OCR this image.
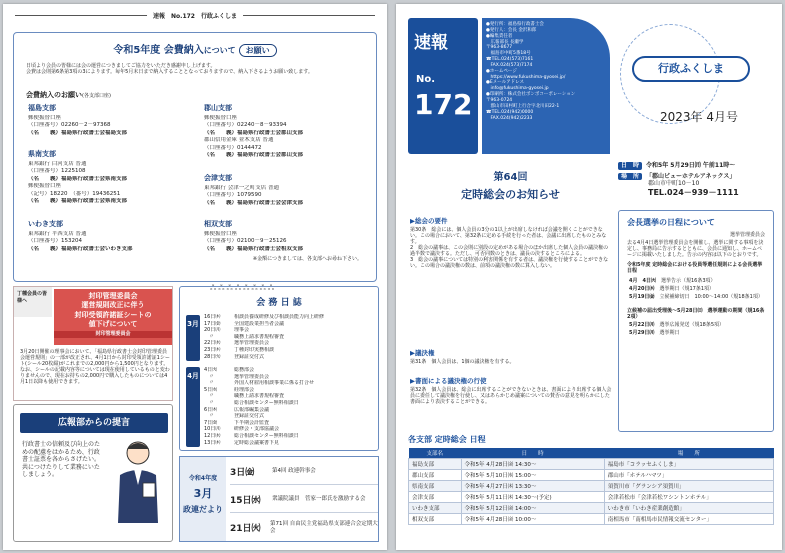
速報　No.172　行政ふくしま
令和5年度 会費納入について お願い
日頃より会員の皆様には会の運営につきましてご協力をいただき感謝申し上げます。
会費は会則第6条第3項の3によります。毎年5月末日まで納入することとなっておりますので、納入下さるようお願い致します。
会費納入のお願い(各支部口座)
福島支部
郵便振替口座
（口座番号）02260－2－97368
（名　　義）福島県行政書士会福島支部
郡山支部
郵便振替口座
（口座番号）02240－8－93394
（名　　義）福島県行政書士会郡山支部
郡山信用金庫 並木支店 普通
（口座番号）0144472
（名　　義）福島県行政書士会郡山支部
県南支部
東邦銀行 白河支店 普通
（口座番号）1225108
（名　　義）福島県行政書士会県南支部
郵便振替口座
（記号）18220　（番号）19436251
（名　　義）福島県行政書士会県南支部
会津支部
東邦銀行 会津一之町支店 普通
（口座番号）1079590
（名　　義）福島県行政書士会会津支部
いわき支部
東邦銀行 平西支店 普通
（口座番号）153204
（名　　義）福島県行政書士会いわき支部
相双支部
郵便振替口座
（口座番号）02100－9－25126
（名　　義）福島県行政書士会相双支部
※金額につきましては、各支部へお尋ね下さい。
丁種会員の皆様へ
封印管理委員会
運営規則改正に伴う
封印受領許諾証シートの
値下げについて
封印管理委員会
3月20日開催の理事会において、「福島県行政書士会封印管理委員会運営規則」の一部が改正され、4月1日から封印受領許諾証1シート(シール20枚綴)がこれまでの2,000円から1,500円となります。なお、シールの記載内容等については現在使用しているものと変わりませんので、現在お持ちの2,000円で購入したものについては4月1日以降も使用できます。
広報部からの提言
行政書士の信頼及び向上のための配慮をはかるため、行政書士証票を各からさげたい。共につけたりして業務にいたしましょう。
ஃஃஃஃஃஃஃஃ
会 務 日 誌
3月
16日㈭	相談員養成研修及び相談員能力向上研修
17日㈮	全国建設業担当者会議
20日㈪	理事会
　〃	職務上請求書規程審査
22日㈬	選挙管理委員会
23日㈭	丁種封印実務相談
28日㈫	登録証交付式
4月
4日㈫	総務部会
　〃	選挙管理委員会
　〃	外国人材雇用相談事業に係る打合せ
5日㈬	経理部会
　〃	職務上請求書規程審査
　〃	総合相談センター無料相談日
6日㈭	広報部編集会議
　〃	登録証交付式
7日㈮	下半期会計監査
10日㈪	研修会・支部協議会
12日㈬	総合相談センター無料相談日
13日㈭	定時総会議案書下見
令和4年度
3月
政連だより
3日㈮	第4回 政連幹事会
15日㈬	衆議院議員　菅家一郎氏を激励する会
21日㈫
第71回 自由民主党福島県支部連合会定期大会
速報
No.
172
●発行所：福島県行政書士会
●発行人：会長 金沢和郎
●編集責任者
　広報部長 長瀬学
〒963-8677
　福島市中町5番18号
☎TEL.024(573)7161
　FAX.024(573)7174
●ホームページ
　https://www.fukushima-gyosei.jp/
●Eメールアドレス
　info@fukushima-gyosei.jp
●印刷所：株式会社ボンボコーポレーション
〒963-0724
　郡山市田村町上行合字北川田22-1
☎TEL.024(942)0000
　FAX.024(942)2233
行政ふくしま
2023年 4月号
第64回
定時総会のお知らせ
日　時 令和5年 5月29日㈪ 午前11時～
場　所 「郡山ビューホテルアネックス」
郡山市中町10－10
TEL.024－939－1111
▶総会の要件
第30条　総会には、個人会員の3分の1以上が出席しなければ会議を開くことができない。この場合において、第32条に定める手続を行った者は、会議に出席したものとみなす。
2　総会の議事は、この会則に別段の定めがある場合のほか出席した個人会員の議決権の過半数で議決する。ただし、可否同数のときは、議長の決するところによる。
3　総会の議事については特別の利害関係を有する者は、議決権を行使することができない。この場合の議決権の数は、前項の議決権の数に算入しない。
▶議決権
第31条　個人会員は、1個の議決権を有する。
▶書面による議決権の行使
第32条　個人会員は、総会に出席することができないときは、書面により出席する個人会員に委任して議決権を行使し、又はあらかじめ議案についての賛否の意見を明らかにした書面により表決することができる。
会長選挙の日程について
選挙管理委員会
去る4月4日選挙管理委員会を開催し、選挙に関する事項を決定し、事務局に告示するとともに、会員に通知し、ホームページに掲載いたしました。告示の内容は以下のとおりです。
令和5年度 定時総会における役員等選任規則による会長選挙日程
4月　4日㈫　 選挙告示（規16条3項）
4月20日㈭　 選挙期日（規17条1項）
5月19日㈮　 立候補締切日　10:00～14:00（規18条1項）
立候補の届出受理後～5月28日㈰　選挙運動の期間（規16条2項）
5月22日㈪　 選挙広報発送（規18条5項）
5月29日㈪　 選挙期日
各支部 定時総会 日程
支部名	日　　時	場　　所
福島支部	令和5年 4月28日㈮ 14:30～	福島市「コラッセふくしま」
郡山支部	令和5年 5月10日㈬ 15:00～	郡山市「ホテルハマツ」
県南支部	令和5年 4月27日㈭ 13:30～	須賀川市「グランシア須賀川」
会津支部	令和5年 5月11日㈭ 14:30～(予定)	会津若松市「会津若松ワシントンホテル」
いわき支部	令和5年 5月12日㈮ 14:00～	いわき市「いわき産業創造館」
相双支部	令和5年 4月28日㈮ 10:00～	南相馬市「南相馬市民情報交流センター」
